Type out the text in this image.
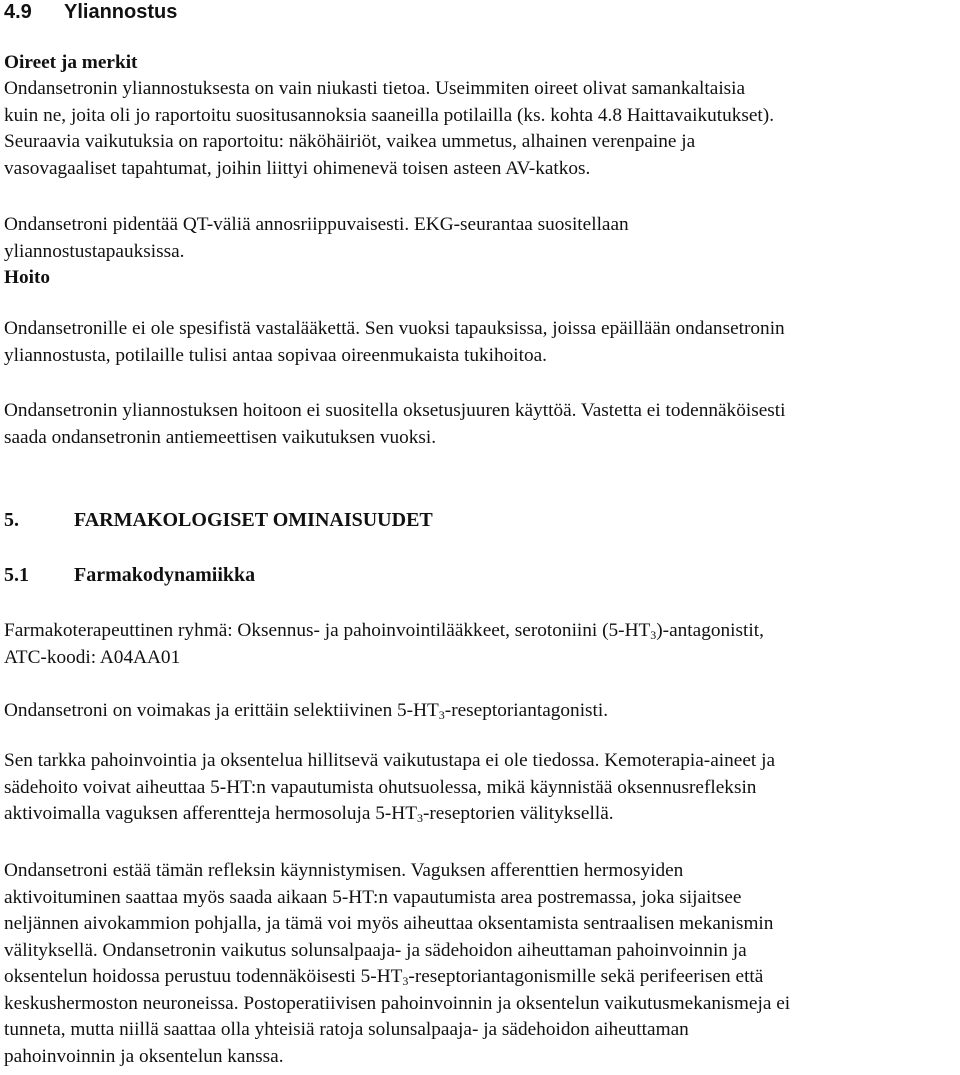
4.9 Yliannostus
Oireet ja merkit
Ondansetronin yliannostuksesta on vain niukasti tietoa. Useimmiten oireet olivat samankaltaisia
kuin ne, joita oli jo raportoitu suositusannoksia saaneilla potilailla (ks. kohta 4.8 Haittavaikutukset).
Seuraavia vaikutuksia on raportoitu: näköhäiriöt, vaikea ummetus, alhainen verenpaine ja
vasovagaaliset tapahtumat, joihin liittyi ohimenevä toisen asteen AV-katkos.
Ondansetroni pidentää QT-väliä annosriippuvaisesti. EKG-seurantaa suositellaan
yliannostustapauksissa.
Hoito
Ondansetronille ei ole spesifistä vastalääkettä. Sen vuoksi tapauksissa, joissa epäillään ondansetronin
yliannostusta, potilaille tulisi antaa sopivaa oireenmukaista tukihoitoa.
Ondansetronin yliannostuksen hoitoon ei suositella oksetusjuuren käyttöä. Vastetta ei todennäköisesti
saada ondansetronin antiemeettisen vaikutuksen vuoksi.
5.	FARMAKOLOGISET OMINAISUUDET
5.1 Farmakodynamiikka
Farmakoterapeuttinen ryhmä: Oksennus- ja pahoinvointilääkkeet, serotoniini $(5-HT_3)$-antagonistit,
ATC-koodi: A04AA01
Ondansetroni on voimakas ja erittäin selektiivinen $5-HT_3$-reseptoriantagonisti.
Sen tarkka pahoinvointia ja oksentelua hillitsevä vaikutustapa ei ole tiedossa. Kemoterapia-aineet ja
sädehoito voivat aiheuttaa 5-HT:n vapautumista ohutsuolessa, mikä käynnistää oksennusrefleksin
aktivoimalla vaguksen afferentteja hermosoluja $5-HT_3$-reseptorien välityksellä.
Ondansetroni estää tämän refleksin käynnistymisen. Vaguksen afferenttien hermosyiden
aktivoituminen saattaa myös saada aikaan 5-HT:n vapautumista area postremassa, joka sijaitsee
neljännen aivokammion pohjalla, ja tämä voi myös aiheuttaa oksentamista sentraalisen mekanismin
välityksellä. Ondansetronin vaikutus solunsalpaaja- ja sädehoidon aiheuttaman pahoinvoinnin ja
oksentelun hoidossa perustuu todennäköisesti $5-HT_3$-reseptoriantagonismille sekä perifeerisen että
keskushermoston neuroneissa. Postoperatiivisen pahoinvoinnin ja oksentelun vaikutusmekanismeja ei
tunneta, mutta niillä saattaa olla yhteisiä ratoja solunsalpaaja- ja sädehoidon aiheuttaman
pahoinvoinnin ja oksentelun kanssa.
